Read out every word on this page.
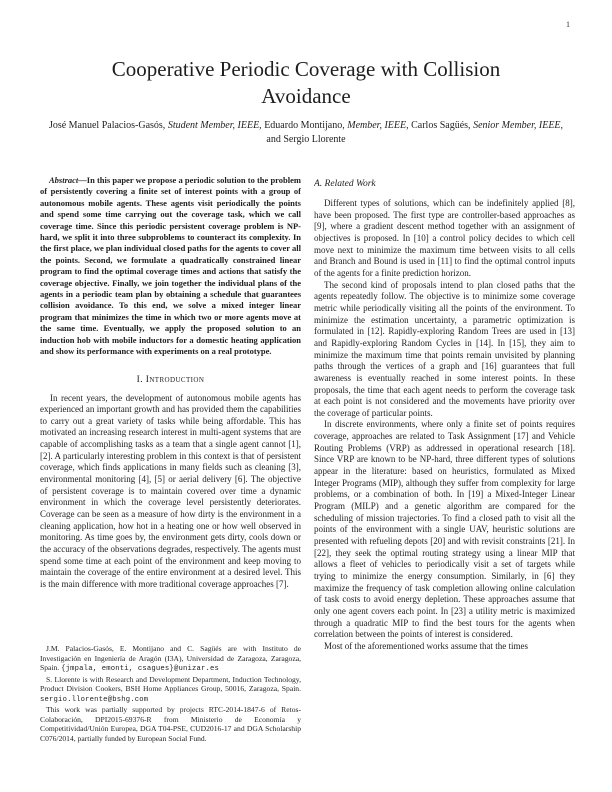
1
Cooperative Periodic Coverage with Collision
Avoidance
José Manuel Palacios-Gasós, Student Member, IEEE, Eduardo Montijano, Member, IEEE, Carlos Sagüés, Senior Member, IEEE, and Sergio Llorente

Abstract—In this paper we propose a periodic solution to the problem of persistently covering a finite set of interest points with a group of autonomous mobile agents. These agents visit periodically the points and spend some time carrying out the coverage task, which we call coverage time. Since this periodic persistent coverage problem is NP-hard, we split it into three subproblems to counteract its complexity. In the first place, we plan individual closed paths for the agents to cover all the points. Second, we formulate a quadratically constrained linear program to find the optimal coverage times and actions that satisfy the coverage objective. Finally, we join together the individual plans of the agents in a periodic team plan by obtaining a schedule that guarantees collision avoidance. To this end, we solve a mixed integer linear program that minimizes the time in which two or more agents move at the same time. Eventually, we apply the proposed solution to an induction hob with mobile inductors for a domestic heating application and show its performance with experiments on a real prototype.

I. Introduction

In recent years, the development of autonomous mobile agents has experienced an important growth and has provided them the capabilities to carry out a great variety of tasks while being affordable. This has motivated an increasing research interest in multi-agent systems that are capable of accomplishing tasks as a team that a single agent cannot [1], [2]. A particularly interesting problem in this context is that of persistent coverage, which finds applications in many fields such as cleaning [3], environmental monitoring [4], [5] or aerial delivery [6]. The objective of persistent coverage is to maintain covered over time a dynamic environment in which the coverage level persistently deteriorates. Coverage can be seen as a measure of how dirty is the environment in a cleaning application, how hot in a heating one or how well observed in monitoring. As time goes by, the environment gets dirty, cools down or the accuracy of the observations degrades, respectively. The agents must spend some time at each point of the environment and keep moving to maintain the coverage of the entire environment at a desired level. This is the main difference with more traditional coverage approaches [7].

J.M. Palacios-Gasós, E. Montijano and C. Sagüés are with Instituto de Investigación en Ingeniería de Aragón (I3A), Universidad de Zaragoza, Zaragoza, Spain. {jmpala, emonti, csagues}@unizar.es

S. Llorente is with Research and Development Department, Induction Technology, Product Division Cookers, BSH Home Appliances Group, 50016, Zaragoza, Spain. sergio.llorente@bshg.com

This work was partially supported by projects RTC-2014-1847-6 of Retos-Colaboración, DPI2015-69376-R from Ministerio de Economía y Competitividad/Unión Europea, DGA T04-PSE, CUD2016-17 and DGA Scholarship C076/2014, partially funded by European Social Fund.

A. Related Work

Different types of solutions, which can be indefinitely applied [8], have been proposed. The first type are controller-based approaches as [9], where a gradient descent method together with an assignment of objectives is proposed. In [10] a control policy decides to which cell move next to minimize the maximum time between visits to all cells and Branch and Bound is used in [11] to find the optimal control inputs of the agents for a finite prediction horizon.

The second kind of proposals intend to plan closed paths that the agents repeatedly follow. The objective is to minimize some coverage metric while periodically visiting all the points of the environment. To minimize the estimation uncertainty, a parametric optimization is formulated in [12]. Rapidly-exploring Random Trees are used in [13] and Rapidly-exploring Random Cycles in [14]. In [15], they aim to minimize the maximum time that points remain unvisited by planning paths through the vertices of a graph and [16] guarantees that full awareness is eventually reached in some interest points. In these proposals, the time that each agent needs to perform the coverage task at each point is not considered and the movements have priority over the coverage of particular points.

In discrete environments, where only a finite set of points requires coverage, approaches are related to Task Assignment [17] and Vehicle Routing Problems (VRP) as addressed in operational research [18]. Since VRP are known to be NP-hard, three different types of solutions appear in the literature: based on heuristics, formulated as Mixed Integer Programs (MIP), although they suffer from complexity for large problems, or a combination of both. In [19] a Mixed-Integer Linear Program (MILP) and a genetic algorithm are compared for the scheduling of mission trajectories. To find a closed path to visit all the points of the environment with a single UAV, heuristic solutions are presented with refueling depots [20] and with revisit constraints [21]. In [22], they seek the optimal routing strategy using a linear MIP that allows a fleet of vehicles to periodically visit a set of targets while trying to minimize the energy consumption. Similarly, in [6] they maximize the frequency of task completion allowing online calculation of task costs to avoid energy depletion. These approaches assume that only one agent covers each point. In [23] a utility metric is maximized through a quadratic MIP to find the best tours for the agents when correlation between the points of interest is considered.

Most of the aforementioned works assume that the times
